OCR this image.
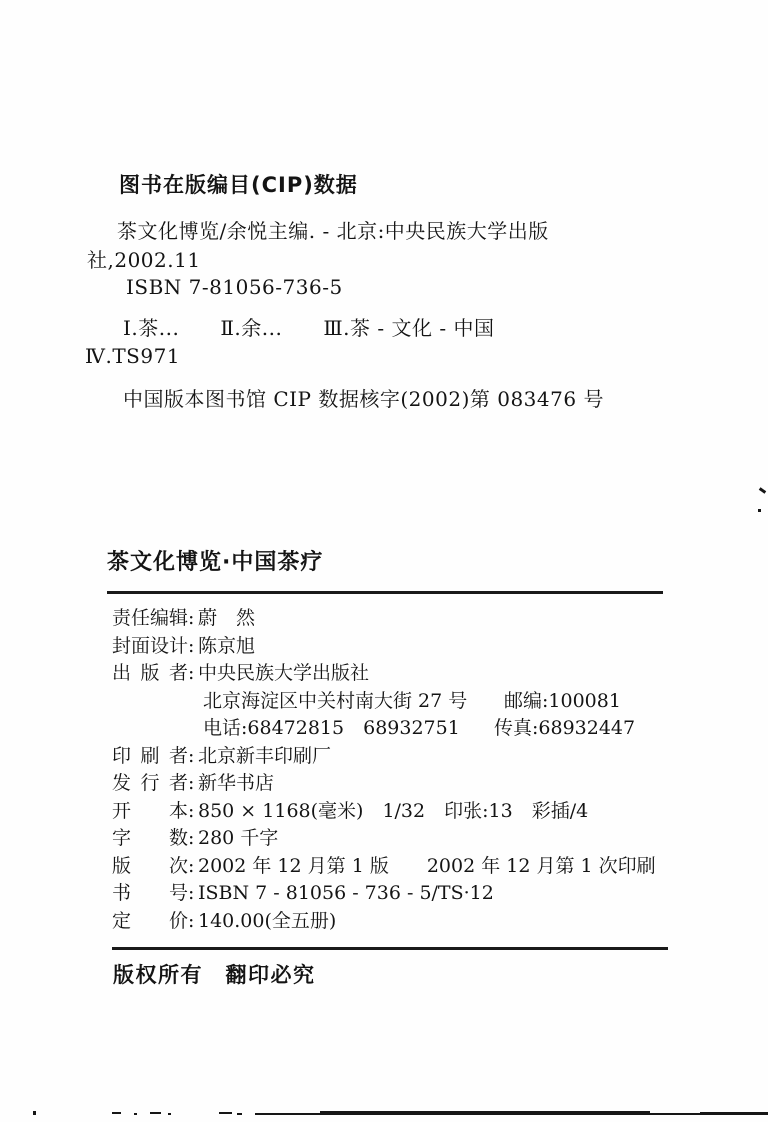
图书在版编目(CIP)数据
茶文化博览/余悦主编. - 北京:中央民族大学出版
社,2002.11
ISBN 7-81056-736-5
Ⅰ.茶...　　Ⅱ.余...　　Ⅲ.茶 - 文化 - 中国
Ⅳ.TS971
中国版本图书馆 CIP 数据核字(2002)第 083476 号
茶文化博览·中国茶疗
责任编辑: 蔚　然
封面设计: 陈京旭
出版者: 中央民族大学出版社
北京海淀区中关村南大街 27 号 邮编:100081
电话:68472815　68932751 传真:68932447
印刷者: 北京新丰印刷厂
发行者: 新华书店
开本: 850 × 1168(毫米)　1/32　印张:13　彩插/4
字数: 280 千字
版次: 2002 年 12 月第 1 版　　2002 年 12 月第 1 次印刷
书号: ISBN 7 - 81056 - 736 - 5/TS·12
定价: 140.00(全五册)
版权所有　翻印必究
